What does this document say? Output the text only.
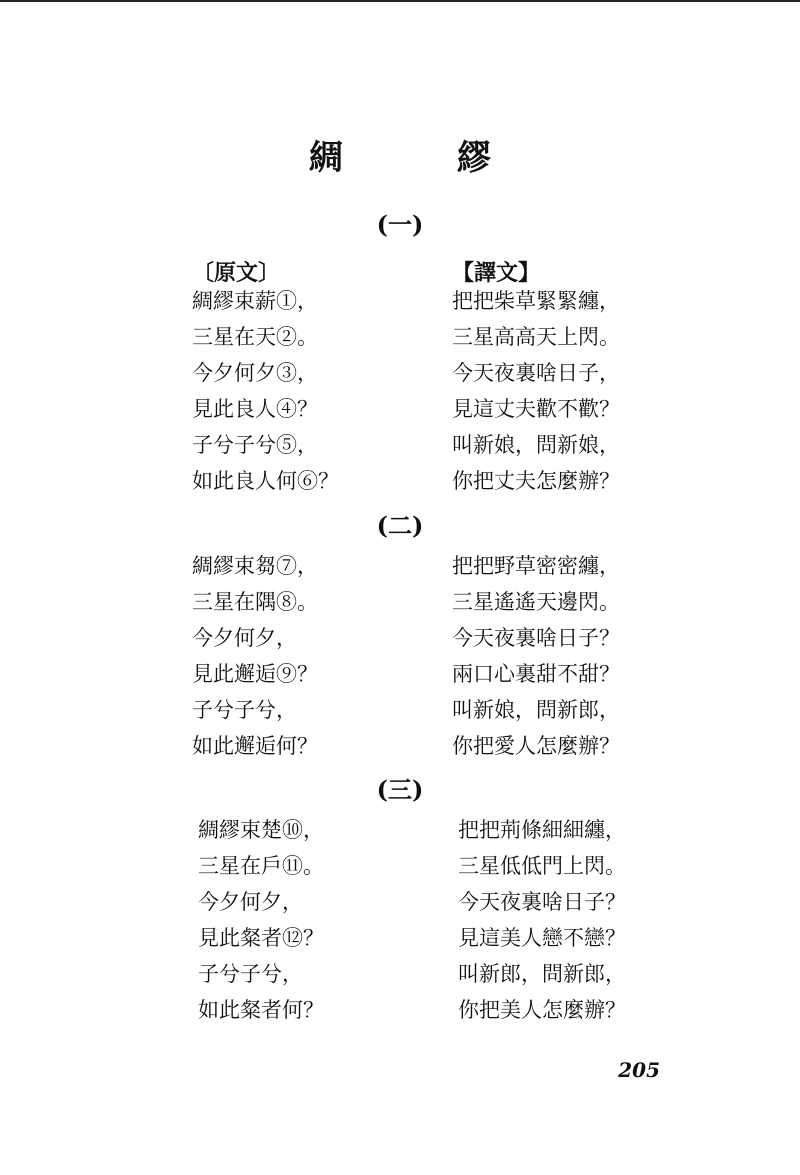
綢　繆
(一)
〔原文〕	【譯文】
綢繆束薪①，
三星在天②。
今夕何夕③，
見此良人④？
子兮子兮⑤，
如此良人何⑥？
把把柴草緊緊纏，
三星高高天上閃。
今天夜裏啥日子，
見這丈夫歡不歡？
叫新娘，問新娘，
你把丈夫怎麼辦？
(二)
綢繆束芻⑦，
三星在隅⑧。
今夕何夕，
見此邂逅⑨？
子兮子兮，
如此邂逅何？
把把野草密密纏，
三星遙遙天邊閃。
今天夜裏啥日子？
兩口心裏甜不甜？
叫新娘，問新郎，
你把愛人怎麼辦？
(三)
綢繆束楚⑩，
三星在戶⑪。
今夕何夕，
見此粲者⑫？
子兮子兮，
如此粲者何？
把把荊條細細纏，
三星低低門上閃。
今天夜裏啥日子？
見這美人戀不戀？
叫新郎，問新郎，
你把美人怎麼辦？
205
